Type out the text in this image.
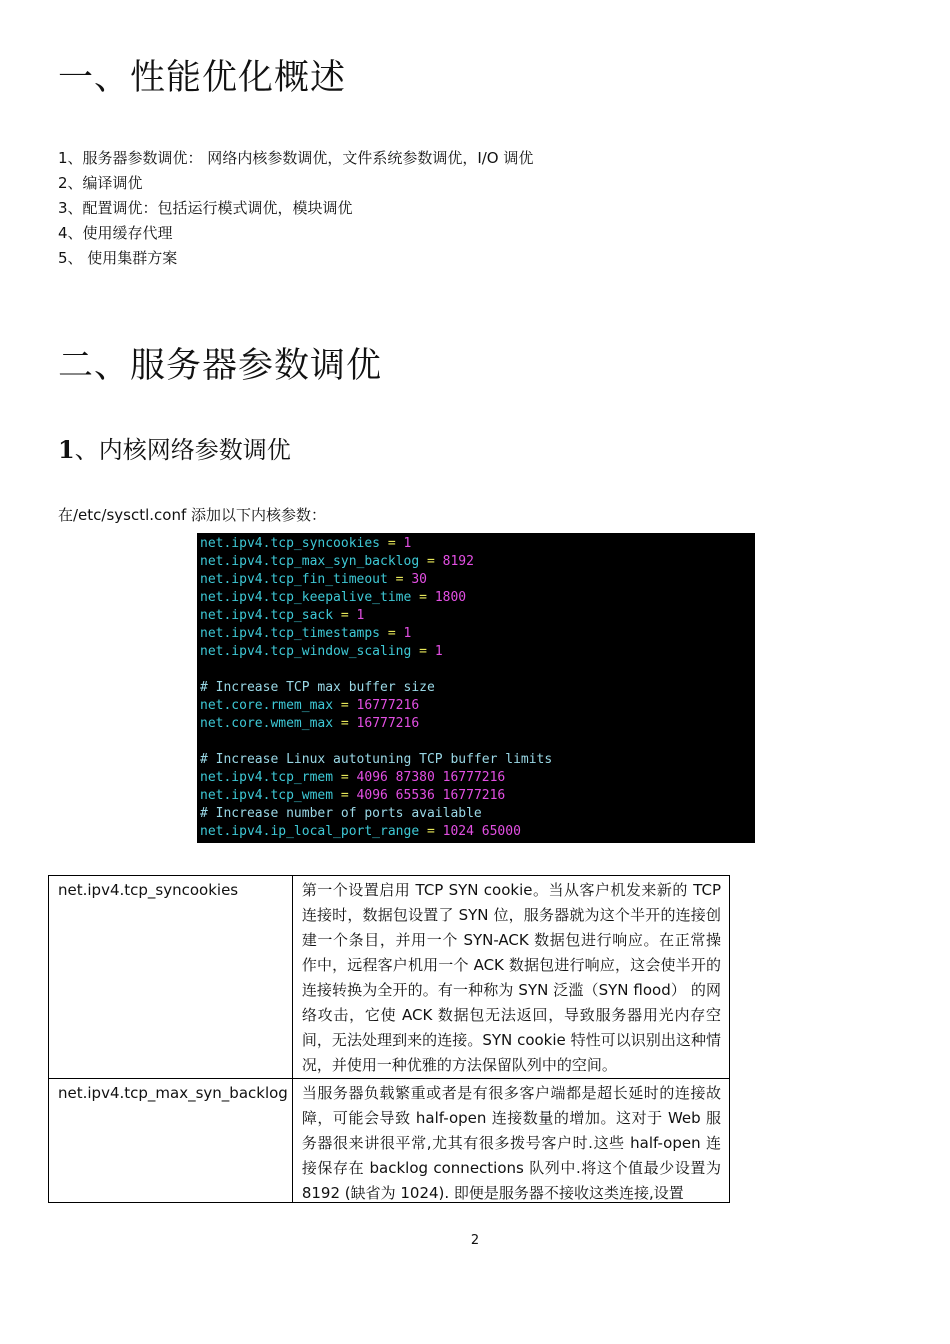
一、性能优化概述
1、服务器参数调优： 网络内核参数调优，文件系统参数调优，I/O 调优
2、编译调优
3、配置调优：包括运行模式调优，模块调优
4、使用缓存代理
5、 使用集群方案
二、服务器参数调优
1、内核网络参数调优

在/etc/sysctl.conf 添加以下内核参数：

net.ipv4.tcp_syncookies = 1
net.ipv4.tcp_max_syn_backlog = 8192
net.ipv4.tcp_fin_timeout = 30
net.ipv4.tcp_keepalive_time = 1800
net.ipv4.tcp_sack = 1
net.ipv4.tcp_timestamps = 1
net.ipv4.tcp_window_scaling = 1

# Increase TCP max buffer size
net.core.rmem_max = 16777216
net.core.wmem_max = 16777216

# Increase Linux autotuning TCP buffer limits
net.ipv4.tcp_rmem = 4096 87380 16777216
net.ipv4.tcp_wmem = 4096 65536 16777216
# Increase number of ports available
net.ipv4.ip_local_port_range = 1024 65000
net.ipv4.tcp_syncookies	第一个设置启用 TCP SYN cookie。当从客户机发来新的 TCP 连接时，数据包设置了 SYN 位，服务器就为这个半开的连接创建一个条目，并用一个 SYN-ACK 数据包进行响应。在正常操作中，远程客户机用一个 ACK 数据包进行响应，这会使半开的连接转换为全开的。有一种称为 SYN 泛滥（SYN flood） 的网络攻击，它使 ACK 数据包无法返回，导致服务器用光内存空间，无法处理到来的连接。SYN cookie 特性可以识别出这种情况，并使用一种优雅的方法保留队列中的空间。
net.ipv4.tcp_max_syn_backlog	当服务器负载繁重或者是有很多客户端都是超长延时的连接故障，可能会导致 half-open 连接数量的增加。这对于 Web 服务器很来讲很平常,尤其有很多拨号客户时.这些 half-open 连接保存在 backlog connections 队列中.将这个值最少设置为 8192 (缺省为 1024). 即便是服务器不接收这类连接,设置
2
